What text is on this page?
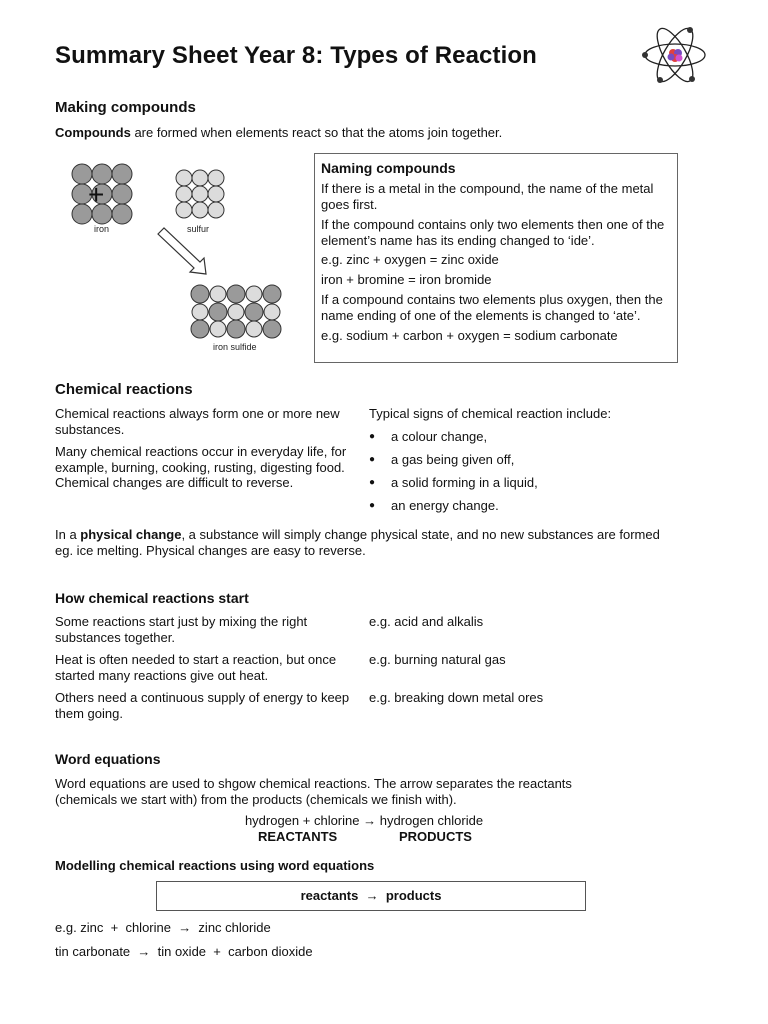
Summary Sheet Year 8: Types of Reaction
Making compounds
Compounds are formed when elements react so that the atoms join together.
+
iron	sulfur
iron sulfide
Naming compounds

If there is a metal in the compound, the name of the metal goes first.

If the compound contains only two elements then one of the element’s name has its ending changed to ‘ide’.

e.g. zinc + oxygen = zinc oxide

iron + bromine = iron bromide

If a compound contains two elements plus oxygen, then the name ending of one of the elements is changed to ‘ate’.

e.g. sodium + carbon + oxygen = sodium carbonate

Chemical reactions

Chemical reactions always form one or more new substances.

Many chemical reactions occur in everyday life, for example, burning, cooking, rusting, digesting food. Chemical changes are difficult to reverse.

Typical signs of chemical reaction include:

● a colour change,
● a gas being given off,
● a solid forming in a liquid,
● an energy change.
In a physical change, a substance will simply change physical state, and no new substances are formed eg. ice melting. Physical changes are easy to reverse.
How chemical reactions start
Some reactions start just by mixing the right substances together.
e.g. acid and alkalis
Heat is often needed to start a reaction, but once started many reactions give out heat.
e.g. burning natural gas
Others need a continuous supply of energy to keep them going.
e.g. breaking down metal ores
Word equations
Word equations are used to shgow chemical reactions. The arrow separates the reactants (chemicals we start with) from the products (chemicals we finish with).
hydrogen + chlorine → hydrogen chloride
REACTANTS	PRODUCTS
Modelling chemical reactions using word equations
reactants  →  products
e.g. zinc  +  chlorine  →  zinc chloride
tin carbonate  →  tin oxide  +  carbon dioxide
